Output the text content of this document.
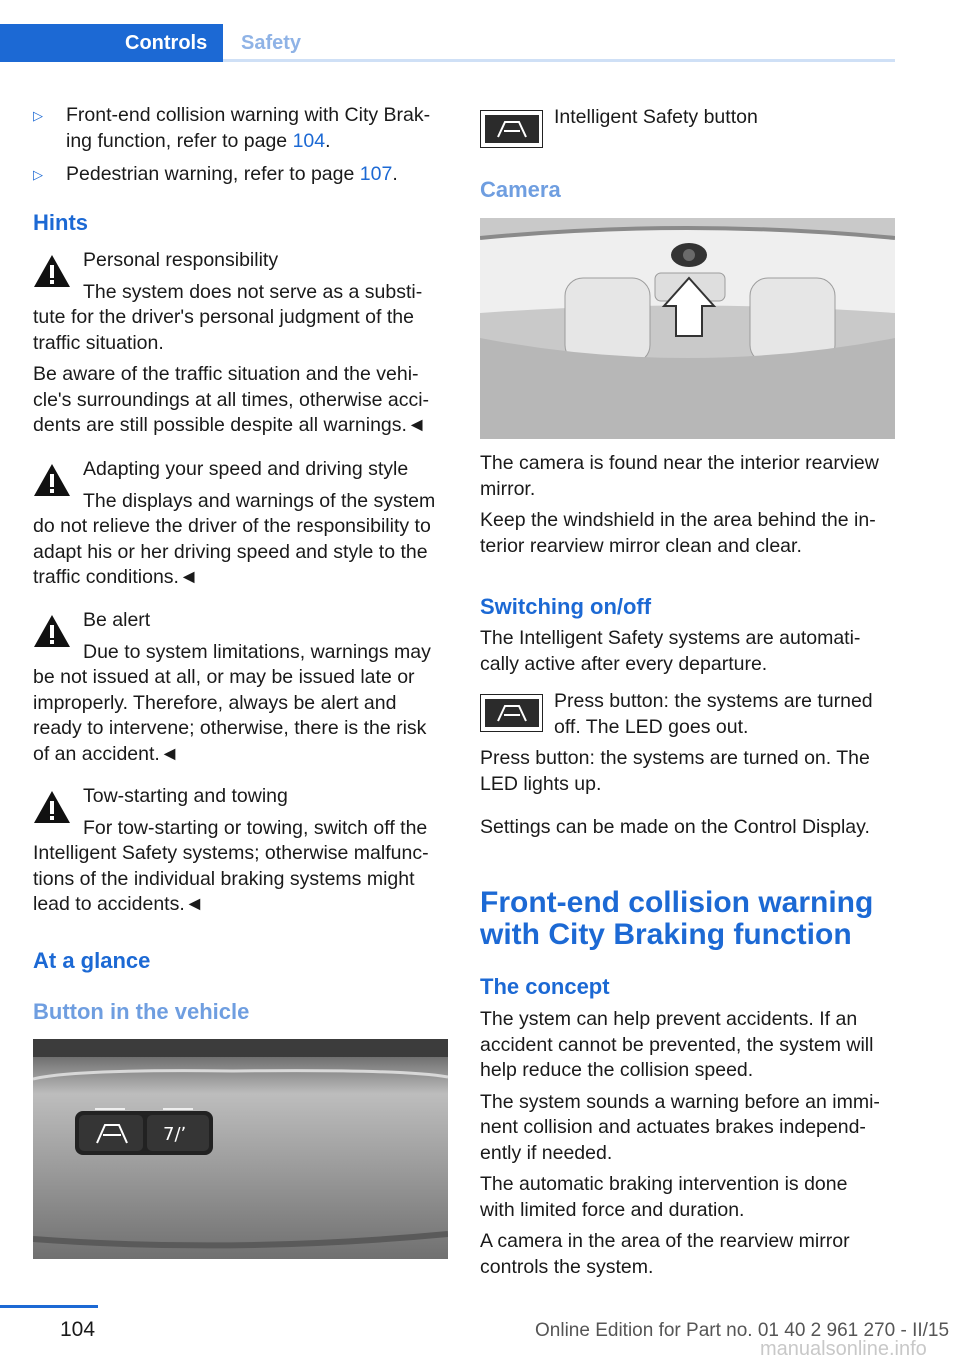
Controls	Safety
▷ Front-end collision warning with City Brak-

ing function, refer to page 104.

▷ Pedestrian warning, refer to page 107.

Hints

Personal responsibility

The system does not serve as a substi-

tute for the driver's personal judgment of the

traffic situation.

Be aware of the traffic situation and the vehi-

cle's surroundings at all times, otherwise acci-

dents are still possible despite all warnings.◄

Adapting your speed and driving style

The displays and warnings of the system

do not relieve the driver of the responsibility to

adapt his or her driving speed and style to the

traffic conditions.◄

Be alert

Due to system limitations, warnings may

be not issued at all, or may be issued late or

improperly. Therefore, always be alert and

ready to intervene; otherwise, there is the risk

of an accident.◄

Tow-starting and towing

For tow-starting or towing, switch off the

Intelligent Safety systems; otherwise malfunc-

tions of the individual braking systems might

lead to accidents.◄

At a glance
Button in the vehicle
7/ʼ
Intelligent Safety button
Camera

The camera is found near the interior rearview

mirror.

Keep the windshield in the area behind the in-

terior rearview mirror clean and clear.

Switching on/off

The Intelligent Safety systems are automati-

cally active after every departure.

Press button: the systems are turned

off. The LED goes out.

Press button: the systems are turned on. The

LED lights up.

Settings can be made on the Control Display.
Front-end collision warning
with City Braking function
The concept

The ystem can help prevent accidents. If an

accident cannot be prevented, the system will

help reduce the collision speed.

The system sounds a warning before an immi-

nent collision and actuates brakes independ-

ently if needed.

The automatic braking intervention is done

with limited force and duration.

A camera in the area of the rearview mirror

controls the system.

104	Online Edition for Part no. 01 40 2 961 270 - II/15
manualsonline.info
